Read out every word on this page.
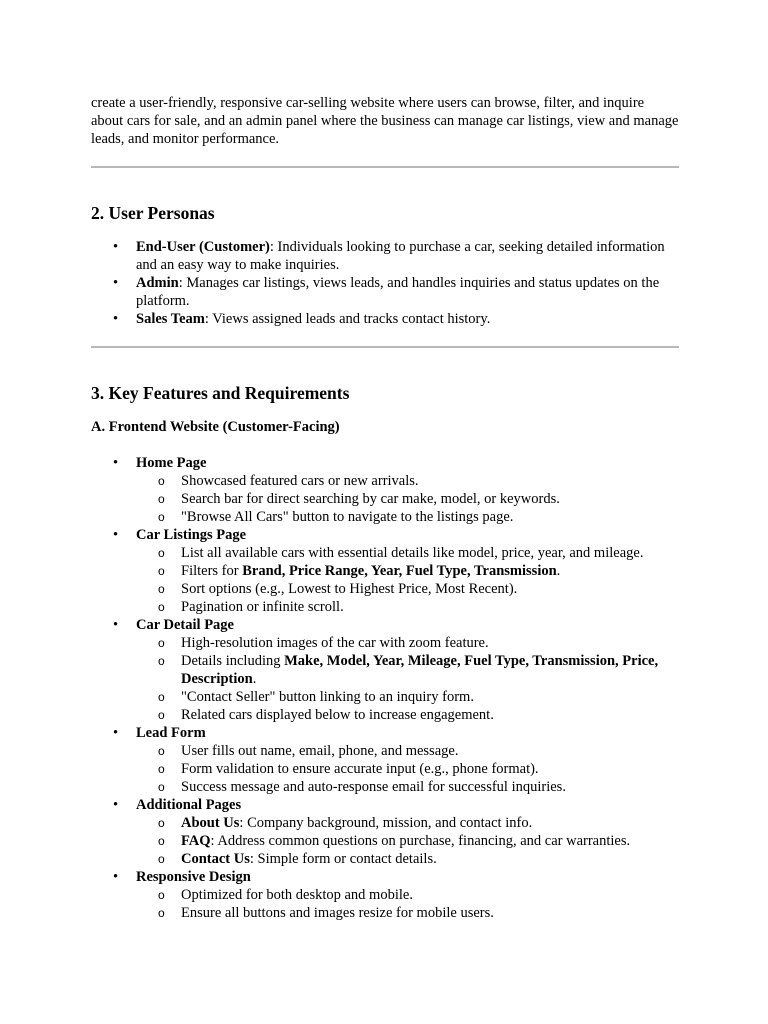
create a user-friendly, responsive car-selling website where users can browse, filter, and inquire about cars for sale, and an admin panel where the business can manage car listings, view and manage leads, and monitor performance.

2. User Personas
• End-User (Customer): Individuals looking to purchase a car, seeking detailed information and an easy way to make inquiries.
• Admin: Manages car listings, views leads, and handles inquiries and status updates on the platform.
• Sales Team: Views assigned leads and tracks contact history.
3. Key Features and Requirements
A. Frontend Website (Customer-Facing)
• Home Page
o Showcased featured cars or new arrivals.
o Search bar for direct searching by car make, model, or keywords.
o "Browse All Cars" button to navigate to the listings page.
• Car Listings Page
o List all available cars with essential details like model, price, year, and mileage.
o Filters for Brand, Price Range, Year, Fuel Type, Transmission.
o Sort options (e.g., Lowest to Highest Price, Most Recent).
o Pagination or infinite scroll.
• Car Detail Page
o High-resolution images of the car with zoom feature.
o Details including Make, Model, Year, Mileage, Fuel Type, Transmission, Price, Description.
o "Contact Seller" button linking to an inquiry form.
o Related cars displayed below to increase engagement.
• Lead Form
o User fills out name, email, phone, and message.
o Form validation to ensure accurate input (e.g., phone format).
o Success message and auto-response email for successful inquiries.
• Additional Pages
o About Us: Company background, mission, and contact info.
o FAQ: Address common questions on purchase, financing, and car warranties.
o Contact Us: Simple form or contact details.
• Responsive Design
o Optimized for both desktop and mobile.
o Ensure all buttons and images resize for mobile users.
